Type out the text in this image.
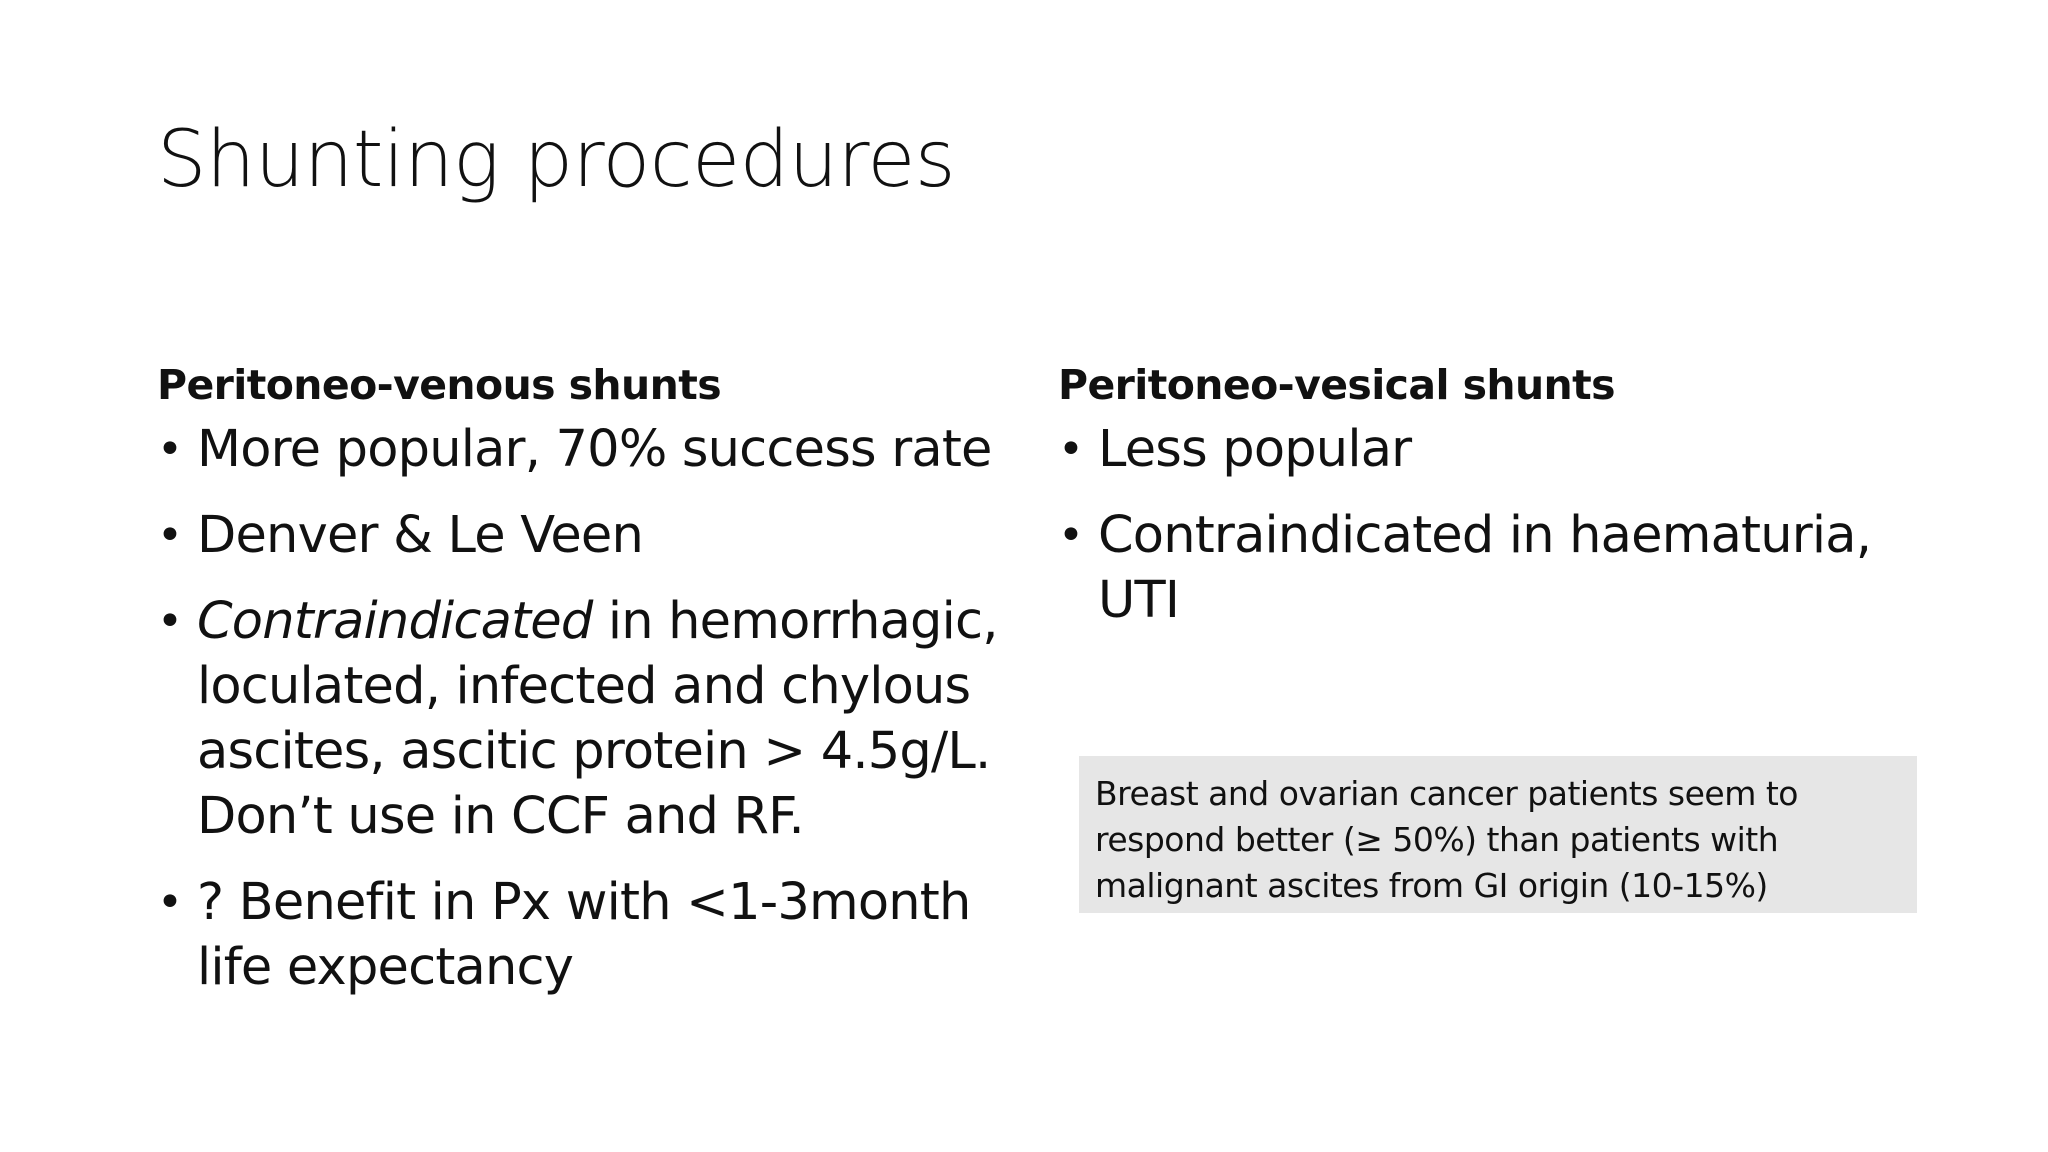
Shunting procedures
Peritoneo-venous shunts
• More popular, 70% success rate
• Denver & Le Veen
• Contraindicated in hemorrhagic,
loculated, infected and chylous
ascites, ascitic protein > 4.5g/L.
Don’t use in CCF and RF.
• ? Benefit in Px with <1-3month
life expectancy
Peritoneo-vesical shunts
• Less popular
• Contraindicated in haematuria,
UTI
Breast and ovarian cancer patients seem to
respond better (≥ 50%) than patients with
malignant ascites from GI origin (10-15%)
